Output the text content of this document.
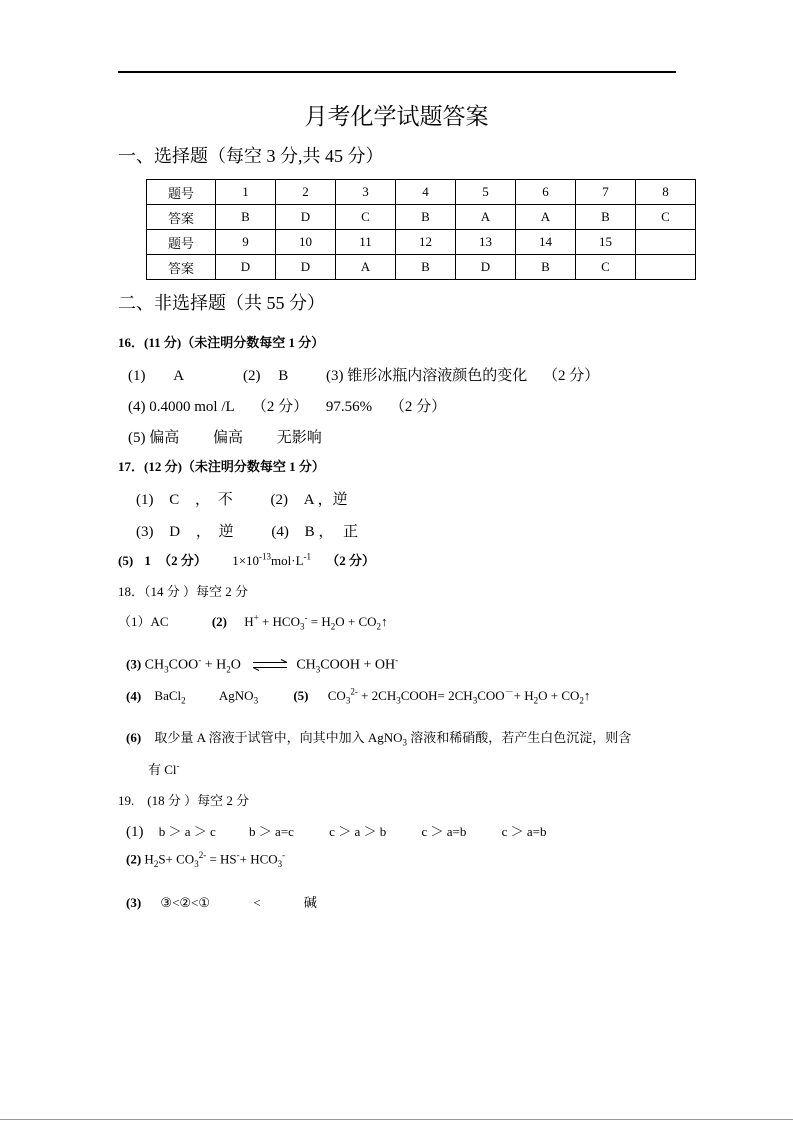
月考化学试题答案
一、选择题（每空 3 分,共 45 分）
题号	1	2	3	4	5	6	7	8
答案	B	D	C	B	A	A	B	C
题号	9	10	11	12	13	14	15	
答案	D	D	A	B	D	B	C	
二、非选择题（共 55 分）
16．(11 分)（未注明分数每空 1 分）
(1) A	(2) B	(3) 锥形冰瓶内溶液颜色的变化 （2 分）
(4) 0.4000 mol /L （2 分） 97.56% （2 分）
(5) 偏高 偏高 无影响
17．(12 分)（未注明分数每空 1 分）
(1) C ， 不	(2) A ，逆
(3) D ， 逆	(4) B ， 正
(5) 1 （2 分） $1\times 10^{-13}mol\cdot L^{-1}$ （2 分）
18．（14 分 ）每空 2 分
（1）AC	(2) $H^+ + HCO_3^- = H_2O$ + $CO_2↑$
(3) $CH_3COO^- + H_2O$ ⇌ $CH_3COOH + OH^-$
(4) BaCl$_2$	AgNO$_3$	(5) $CO_3^{2-}$ + $2CH_3COOH= 2CH_3COO^-+ H_2O$ + $CO_2↑$
(6) 取少量 A 溶液于试管中，向其中加入 AgNO$_3$ 溶液和稀硝酸，若产生白色沉淀，则含
有 Cl-
19.　(18 分 ）每空 2 分
(1) b ＞ a ＞ c	b ＞ a=c	c ＞ a ＞ b	c ＞ a=b	c ＞ a=b
(2) $H_2S+ CO_3^{2-} = HS^-+ HCO_3^-$
(3) ③<②<①	<	碱
